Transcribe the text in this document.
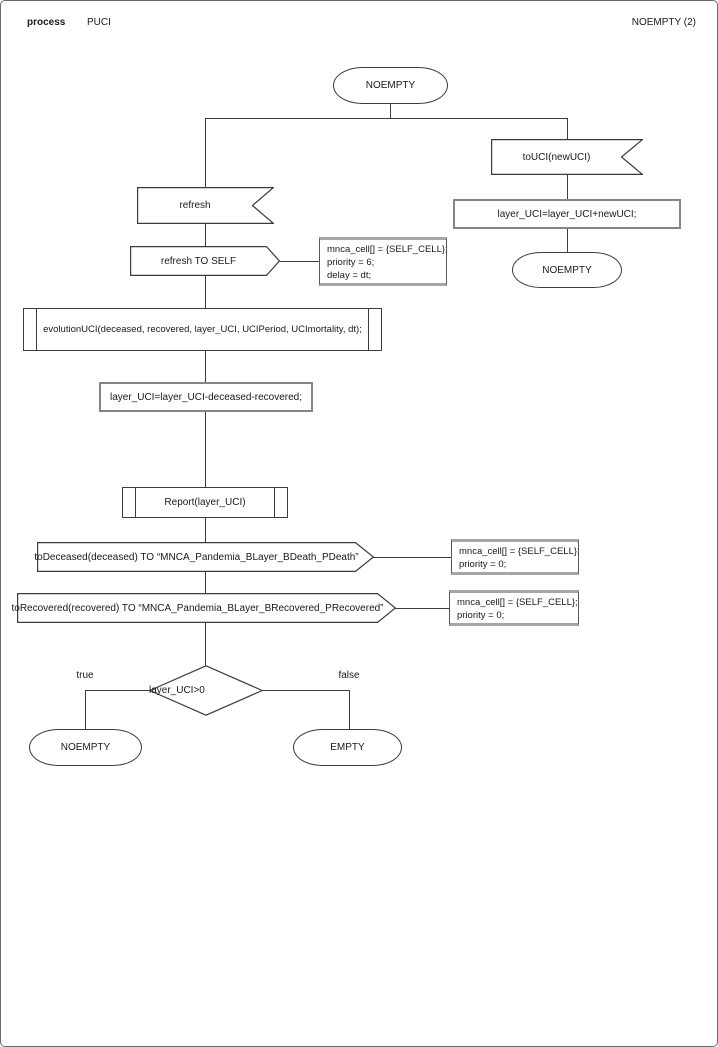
process PUCI	NOEMPTY (2)
NOEMPTY
refresh
refresh TO SELF
mnca_cell[] = {SELF_CELL};
priority = 6;
delay = dt;
toUCI(newUCI)
layer_UCI=layer_UCI+newUCI;
NOEMPTY
evolutionUCI(deceased, recovered, layer_UCI, UCIPeriod, UCImortality, dt);
layer_UCI=layer_UCI-deceased-recovered;
Report(layer_UCI)
toDeceased(deceased) TO “MNCA_Pandemia_BLayer_BDeath_PDeath”	mnca_cell[] = {SELF_CELL};
priority = 0;
toRecovered(recovered) TO “MNCA_Pandemia_BLayer_BRecovered_PRecovered”	mnca_cell[] = {SELF_CELL};
priority = 0;
layer_UCI>0
true	false
NOEMPTY	EMPTY
